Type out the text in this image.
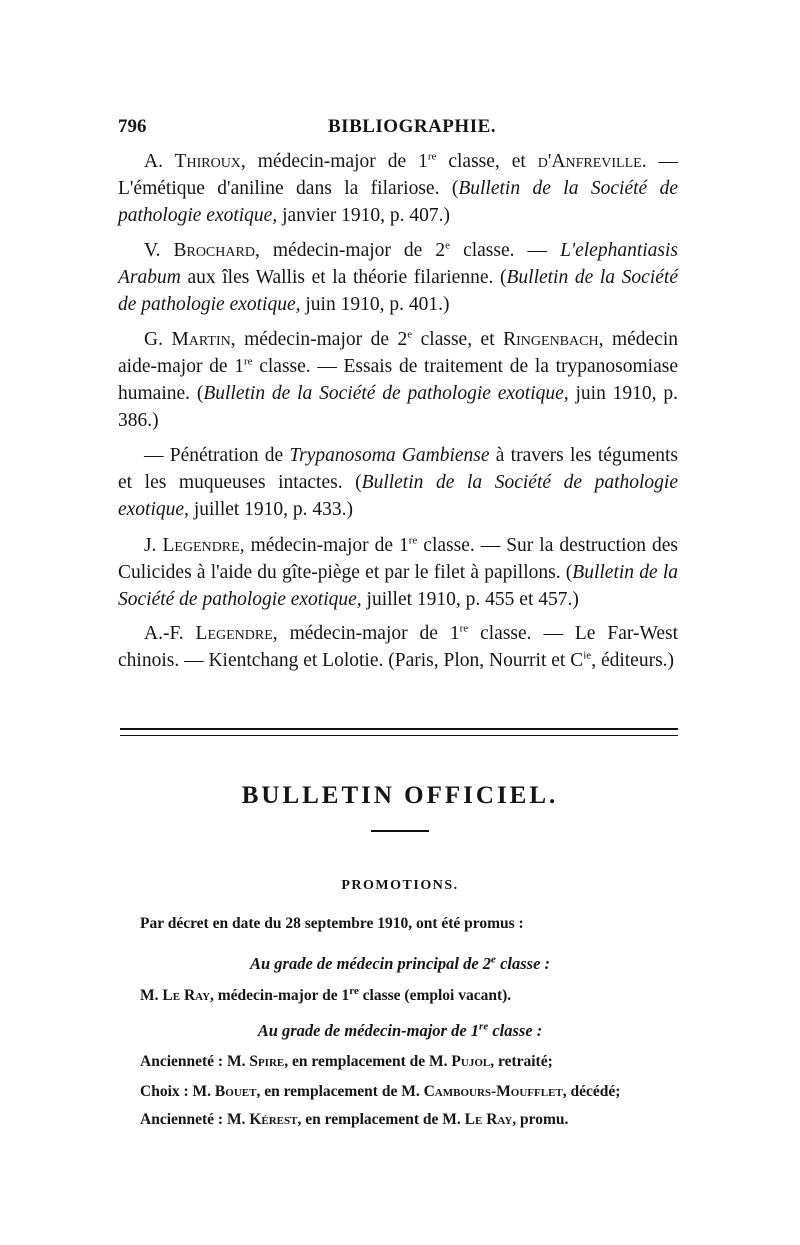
796	BIBLIOGRAPHIE.

A. Thiroux, médecin-major de 1re classe, et d'Anfreville. — L'émétique d'aniline dans la filariose. (Bulletin de la Société de pathologie exotique, janvier 1910, p. 407.)

V. Brochard, médecin-major de 2e classe. — L'elephantiasis Arabum aux îles Wallis et la théorie filarienne. (Bulletin de la Société de pathologie exotique, juin 1910, p. 401.)

G. Martin, médecin-major de 2e classe, et Ringenbach, médecin aide-major de 1re classe. — Essais de traitement de la trypanosomiase humaine. (Bulletin de la Société de pathologie exotique, juin 1910, p. 386.)

— Pénétration de Trypanosoma Gambiense à travers les téguments et les muqueuses intactes. (Bulletin de la Société de pathologie exotique, juillet 1910, p. 433.)

J. Legendre, médecin-major de 1re classe. — Sur la destruction des Culicides à l'aide du gîte-piège et par le filet à papillons. (Bulletin de la Société de pathologie exotique, juillet 1910, p. 455 et 457.)

A.-F. Legendre, médecin-major de 1re classe. — Le Far-West chinois. — Kientchang et Lolotie. (Paris, Plon, Nourrit et $C^{ie}$, éditeurs.)

BULLETIN OFFICIEL.
PROMOTIONS.
Par décret en date du 28 septembre 1910, ont été promus :
Au grade de médecin principal de 2e classe :
M. Le Ray, médecin-major de 1re classe (emploi vacant).
Au grade de médecin-major de 1re classe :
Ancienneté : M. Spire, en remplacement de M. Pujol, retraité;
Choix : M. Bouet, en remplacement de M. Cambours-Moufflet, décédé;
Ancienneté : M. Kérest, en remplacement de M. Le Ray, promu.
